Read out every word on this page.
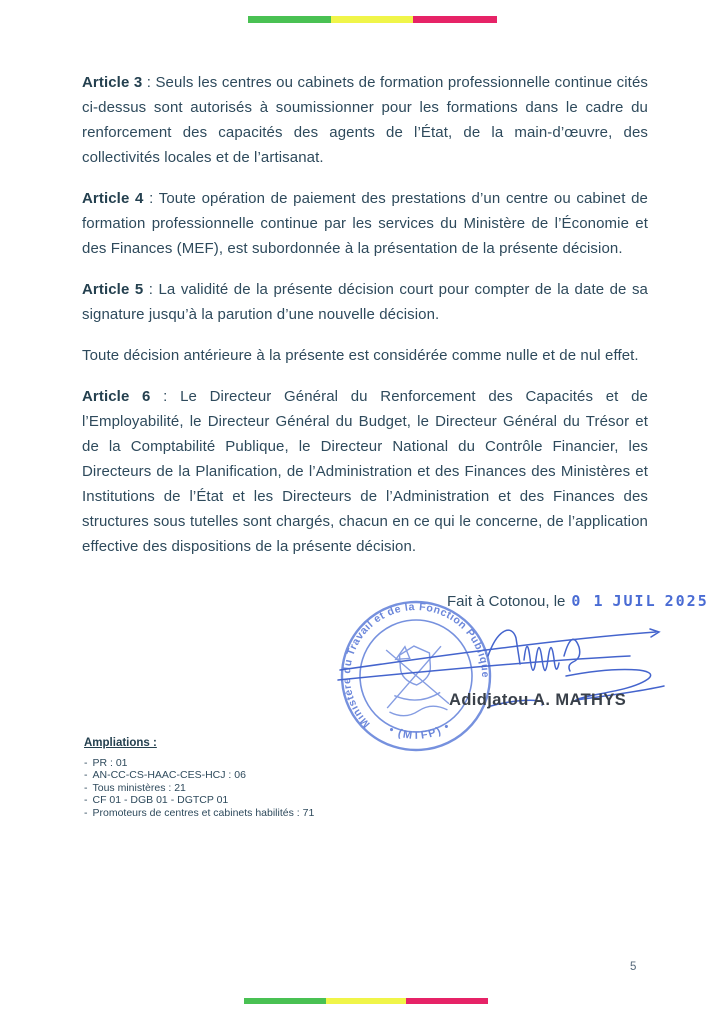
Article 3 : Seuls les centres ou cabinets de formation professionnelle continue cités ci-dessus sont autorisés à soumissionner pour les formations dans le cadre du renforcement des capacités des agents de l’État, de la main-d’œuvre, des collectivités locales et de l’artisanat.

Article 4 : Toute opération de paiement des prestations d’un centre ou cabinet de formation professionnelle continue par les services du Ministère de l’Économie et des Finances (MEF), est subordonnée à la présentation de la présente décision.

Article 5 : La validité de la présente décision court pour compter de la date de sa signature jusqu’à la parution d’une nouvelle décision.

Toute décision antérieure à la présente est considérée comme nulle et de nul effet.

Article 6 : Le Directeur Général du Renforcement des Capacités et de l’Employabilité, le Directeur Général du Budget, le Directeur Général du Trésor et de la Comptabilité Publique, le Directeur National du Contrôle Financier, les Directeurs de la Planification, de l’Administration et des Finances des Ministères et Institutions de l’État et les Directeurs de l’Administration et des Finances des structures sous tutelles sont chargés, chacun en ce qui le concerne, de l’application effective des dispositions de la présente décision.

Fait à Cotonou, le 0 1 JUIL 2025
Ministère du Travail et de la Fonction Publique
• (MTFP) •
Adidjatou A. MATHYS
Ampliations :
- PR : 01
- AN-CC-CS-HAAC-CES-HCJ : 06
- Tous ministères : 21
- CF 01 - DGB 01 - DGTCP 01
- Promoteurs de centres et cabinets habilités : 71
5
